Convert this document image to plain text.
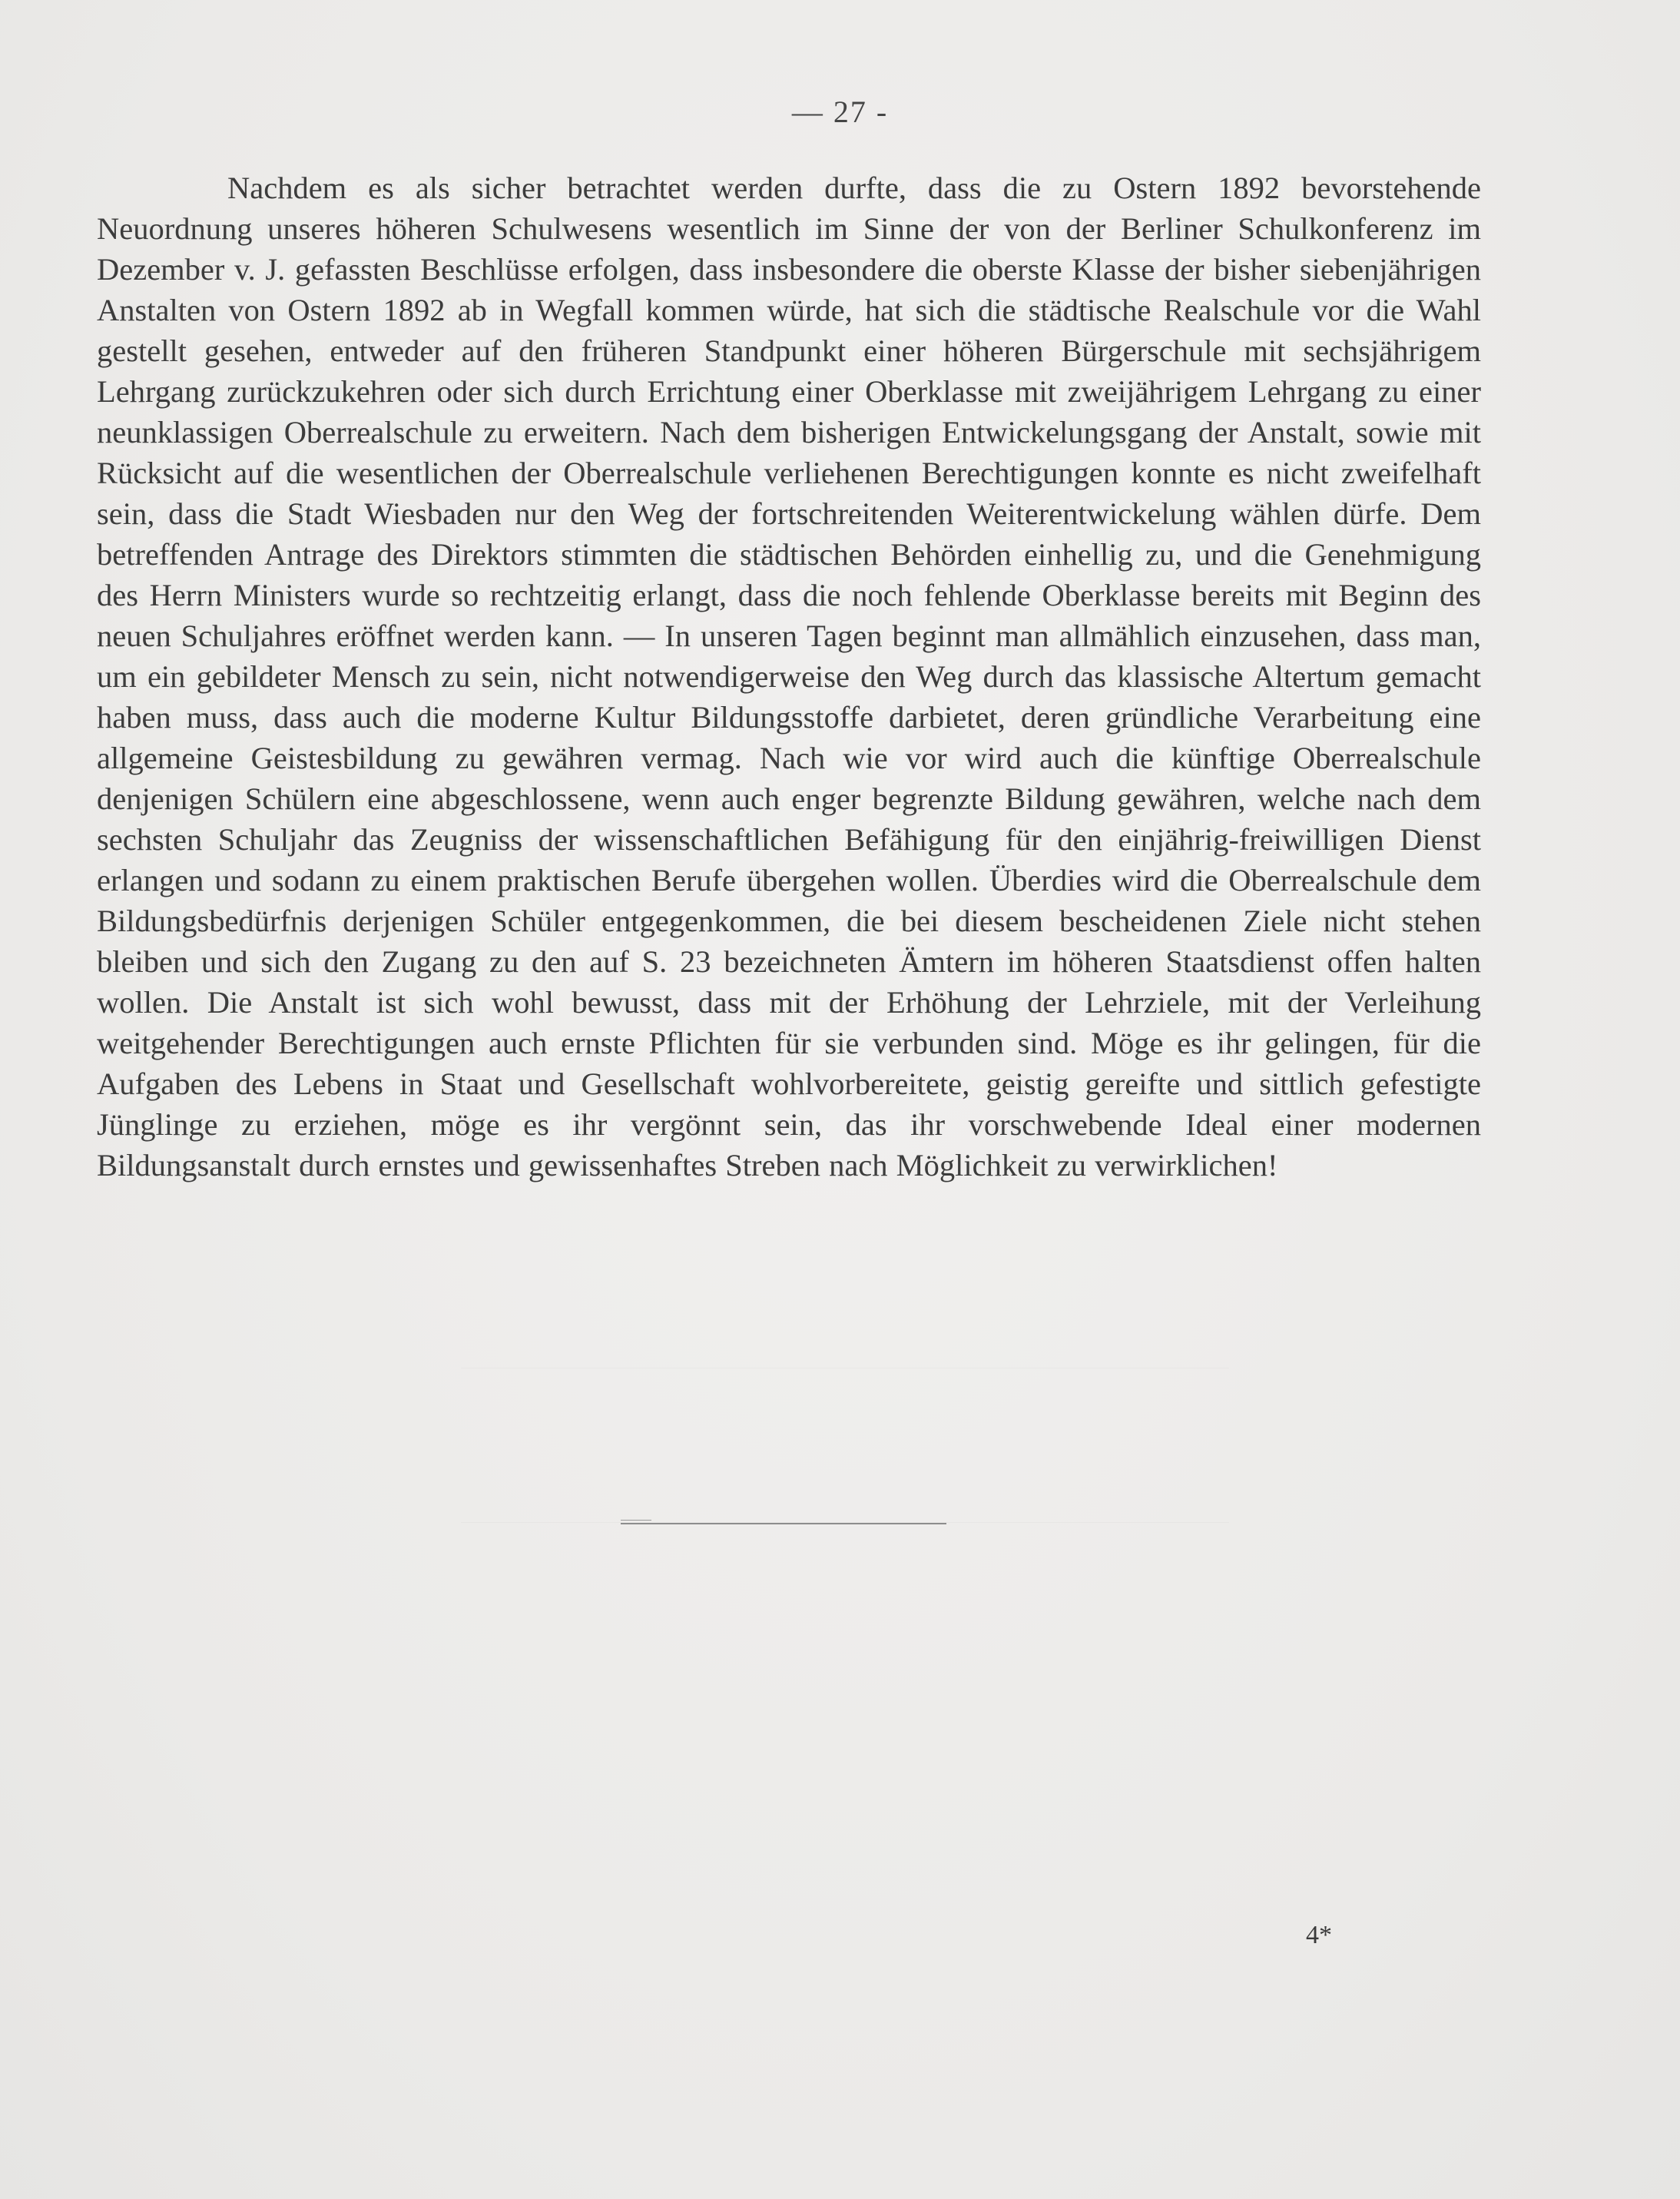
— 27 -

Nachdem es als sicher betrachtet werden durfte, dass die zu Ostern 1892 bevorstehende Neuordnung unseres höheren Schulwesens wesentlich im Sinne der von der Berliner Schulkonferenz im Dezember v. J. gefassten Beschlüsse erfolgen, dass insbesondere die oberste Klasse der bisher siebenjährigen Anstalten von Ostern 1892 ab in Wegfall kommen würde, hat sich die städtische Realschule vor die Wahl gestellt gesehen, entweder auf den früheren Standpunkt einer höheren Bürgerschule mit sechsjährigem Lehrgang zurückzukehren oder sich durch Errichtung einer Oberklasse mit zweijährigem Lehrgang zu einer neunklassigen Oberrealschule zu erweitern. Nach dem bisherigen Entwickelungsgang der Anstalt, sowie mit Rücksicht auf die wesentlichen der Oberrealschule verliehenen Berechtigungen konnte es nicht zweifelhaft sein, dass die Stadt Wiesbaden nur den Weg der fortschreitenden Weiterentwickelung wählen dürfe. Dem betreffenden Antrage des Direktors stimmten die städtischen Behörden einhellig zu, und die Genehmigung des Herrn Ministers wurde so rechtzeitig erlangt, dass die noch fehlende Oberklasse bereits mit Beginn des neuen Schuljahres eröffnet werden kann. — In unseren Tagen beginnt man allmählich einzusehen, dass man, um ein gebildeter Mensch zu sein, nicht notwendigerweise den Weg durch das klassische Altertum gemacht haben muss, dass auch die moderne Kultur Bildungsstoffe darbietet, deren gründliche Verarbeitung eine allgemeine Geistesbildung zu gewähren vermag. Nach wie vor wird auch die künftige Oberrealschule denjenigen Schülern eine abgeschlossene, wenn auch enger begrenzte Bildung gewähren, welche nach dem sechsten Schuljahr das Zeugniss der wissenschaftlichen Befähigung für den einjährig-freiwilligen Dienst erlangen und sodann zu einem praktischen Berufe übergehen wollen. Überdies wird die Oberrealschule dem Bildungsbedürfnis derjenigen Schüler entgegenkommen, die bei diesem bescheidenen Ziele nicht stehen bleiben und sich den Zugang zu den auf S. 23 bezeichneten Ämtern im höheren Staatsdienst offen halten wollen. Die Anstalt ist sich wohl bewusst, dass mit der Erhöhung der Lehrziele, mit der Verleihung weitgehender Berechtigungen auch ernste Pflichten für sie verbunden sind. Möge es ihr gelingen, für die Aufgaben des Lebens in Staat und Gesellschaft wohlvorbereitete, geistig gereifte und sittlich gefestigte Jünglinge zu erziehen, möge es ihr vergönnt sein, das ihr vorschwebende Ideal einer modernen Bildungsanstalt durch ernstes und gewissenhaftes Streben nach Möglichkeit zu verwirklichen!

4*
